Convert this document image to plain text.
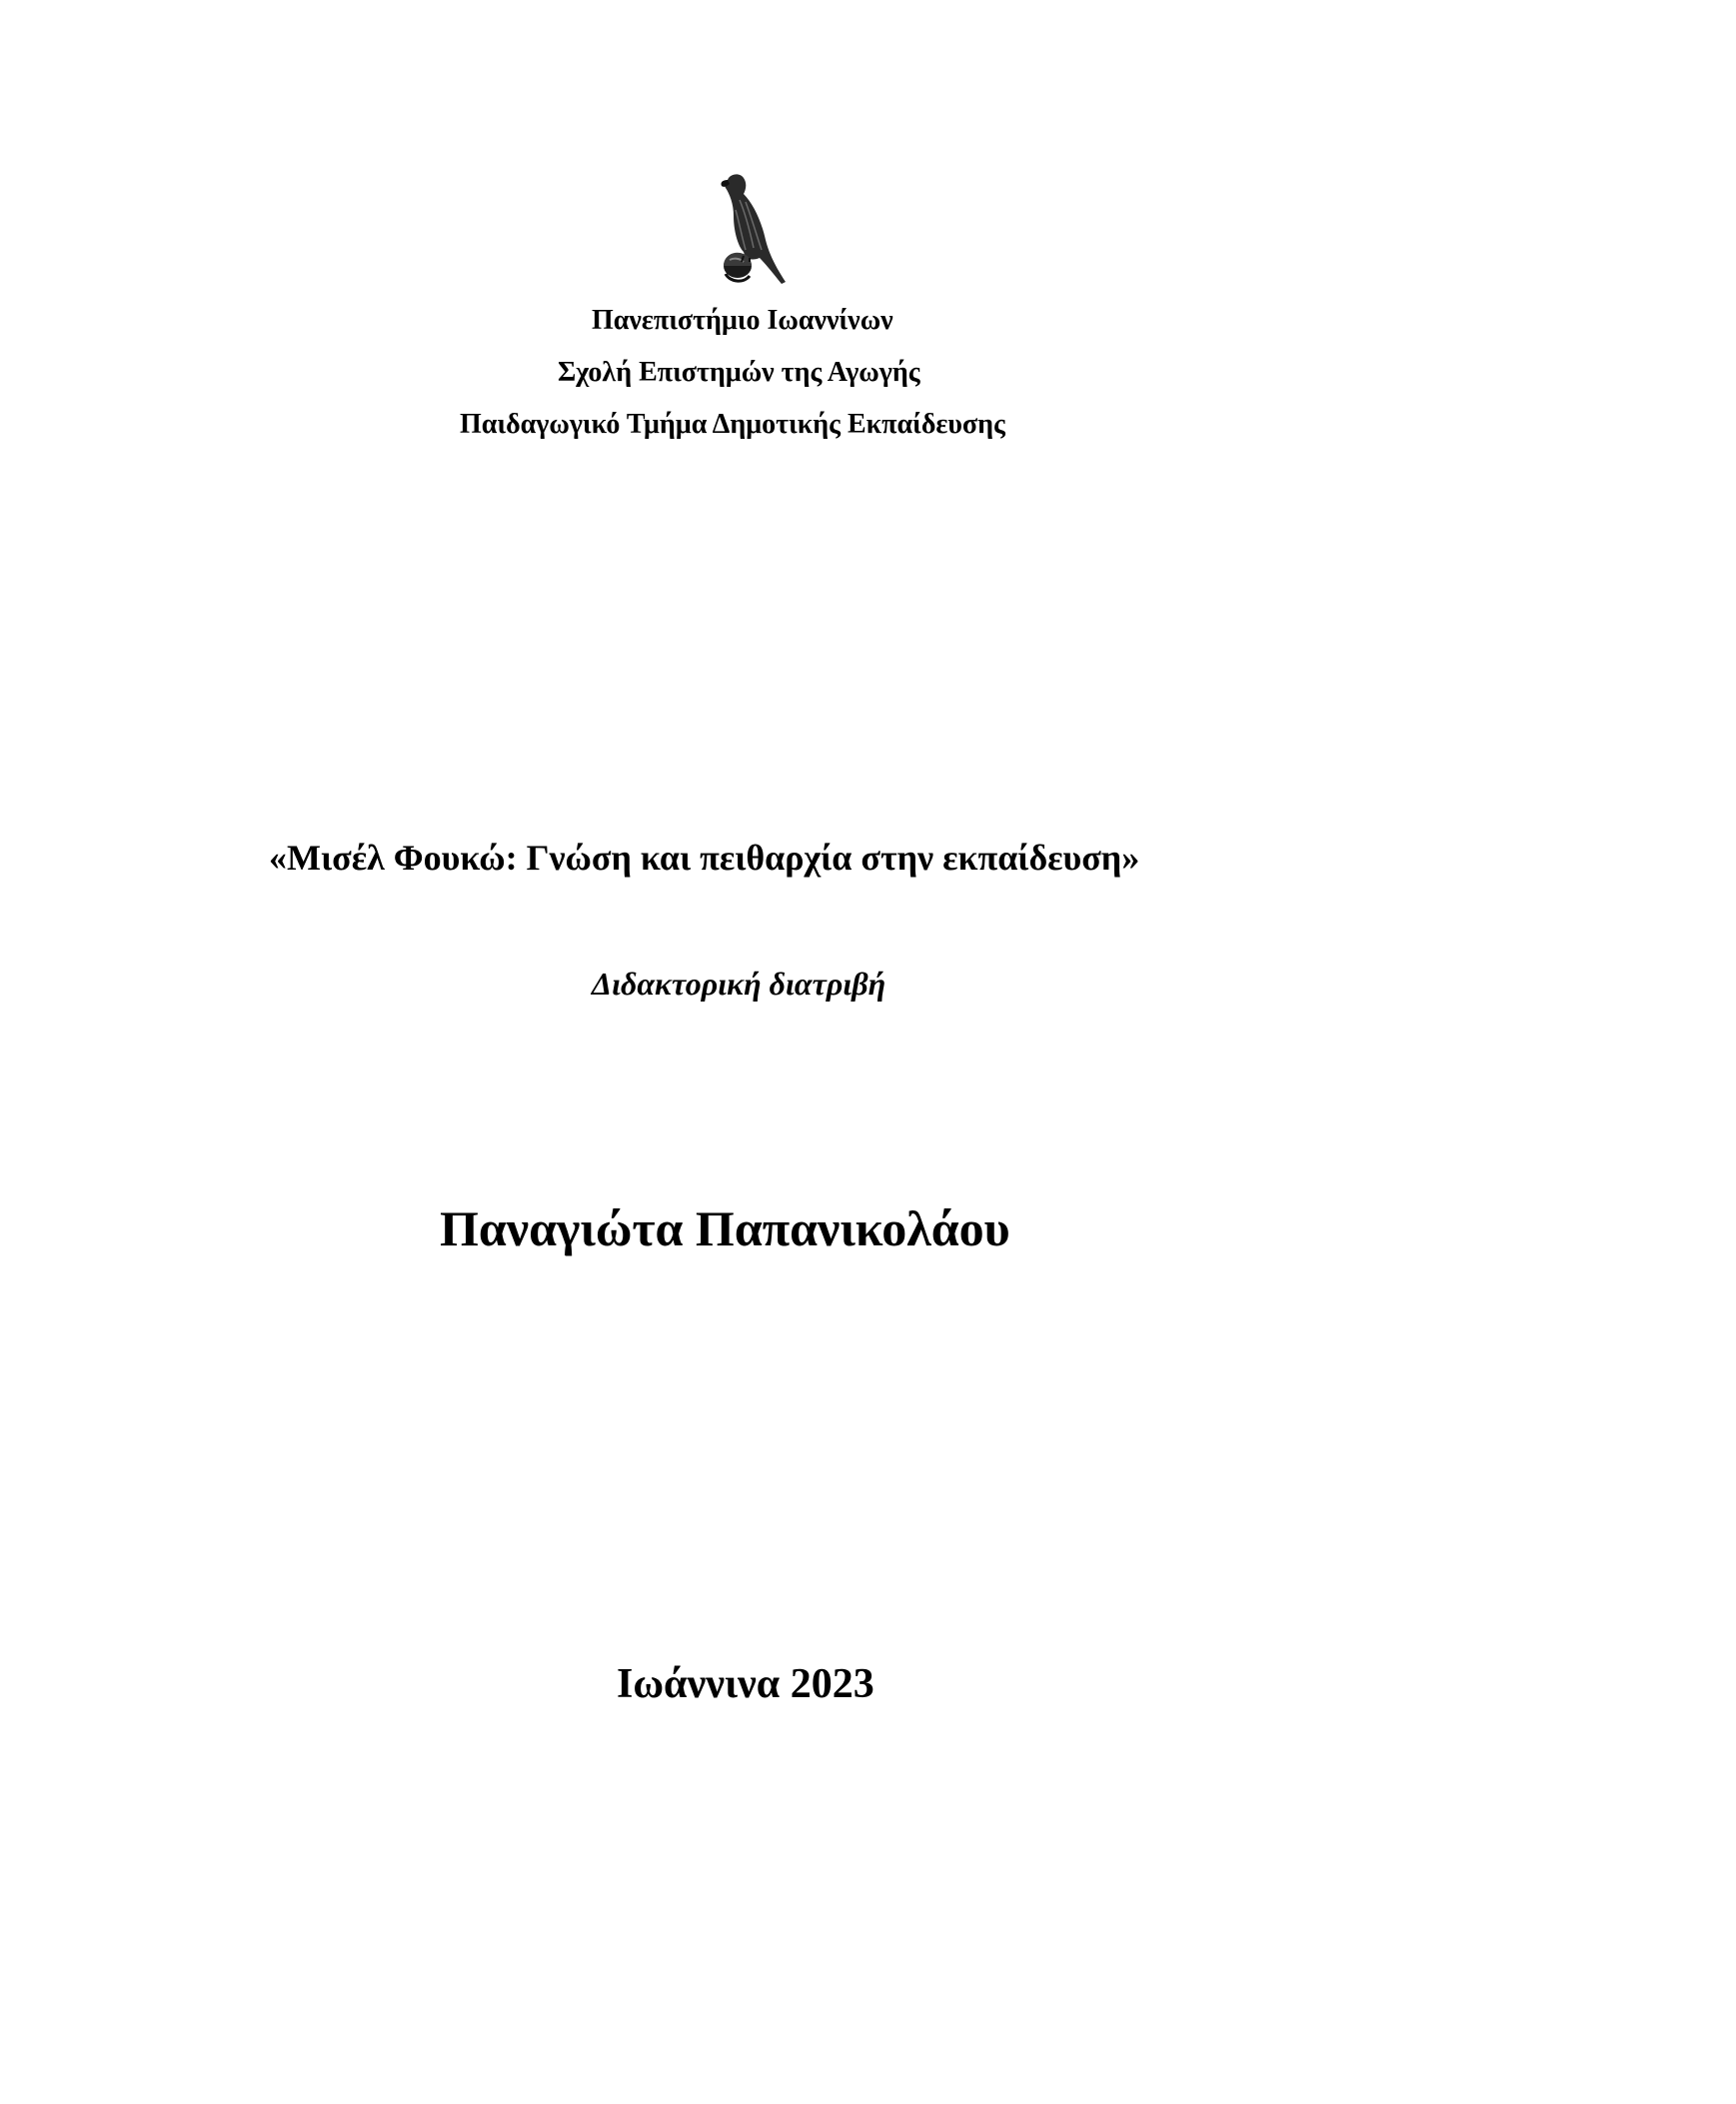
Πανεπιστήμιο Ιωαννίνων
Σχολή Επιστημών της Αγωγής
Παιδαγωγικό Τμήμα Δημοτικής Εκπαίδευσης
«Μισέλ Φουκώ: Γνώση και πειθαρχία στην εκπαίδευση»
Διδακτορική διατριβή
Παναγιώτα Παπανικολάου
Ιωάννινα 2023
